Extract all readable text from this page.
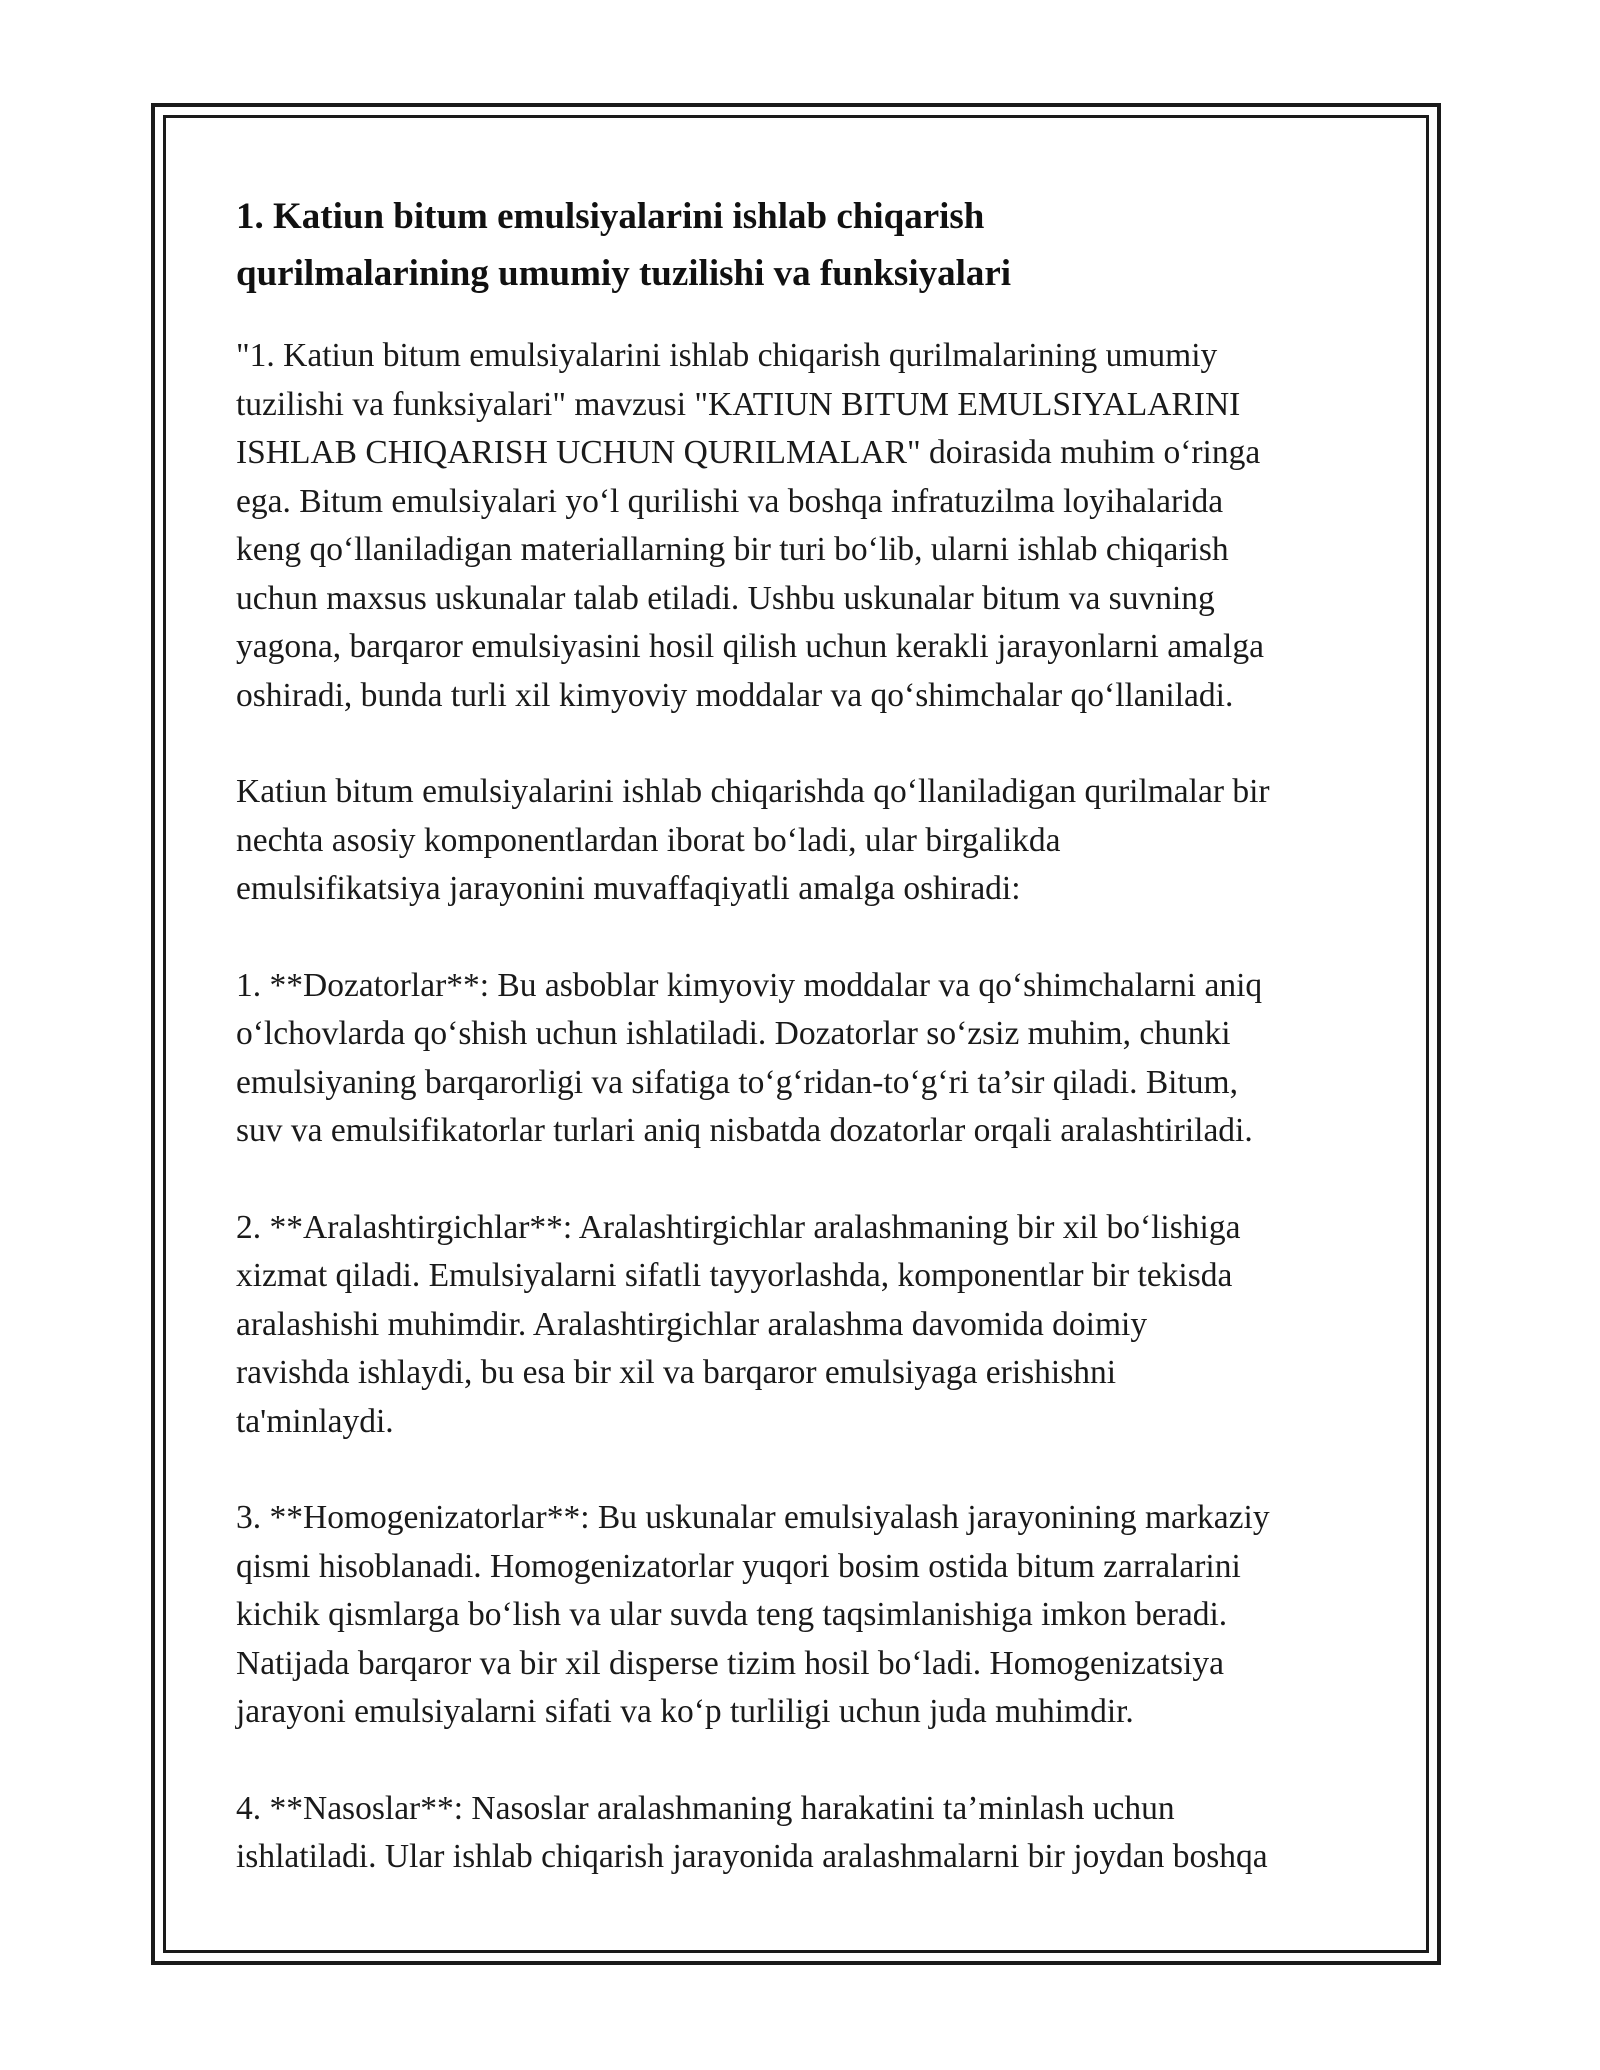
1. Katiun bitum emulsiyalarini ishlab chiqarish
qurilmalarining umumiy tuzilishi va funksiyalari

"1. Katiun bitum emulsiyalarini ishlab chiqarish qurilmalarining umumiy
tuzilishi va funksiyalari" mavzusi "KATIUN BITUM EMULSIYALARINI
ISHLAB CHIQARISH UCHUN QURILMALAR" doirasida muhim o‘ringa
ega. Bitum emulsiyalari yo‘l qurilishi va boshqa infratuzilma loyihalarida
keng qo‘llaniladigan materiallarning bir turi bo‘lib, ularni ishlab chiqarish
uchun maxsus uskunalar talab etiladi. Ushbu uskunalar bitum va suvning
yagona, barqaror emulsiyasini hosil qilish uchun kerakli jarayonlarni amalga
oshiradi, bunda turli xil kimyoviy moddalar va qo‘shimchalar qo‘llaniladi.

Katiun bitum emulsiyalarini ishlab chiqarishda qo‘llaniladigan qurilmalar bir
nechta asosiy komponentlardan iborat bo‘ladi, ular birgalikda
emulsifikatsiya jarayonini muvaffaqiyatli amalga oshiradi:

1. **Dozatorlar**: Bu asboblar kimyoviy moddalar va qo‘shimchalarni aniq
o‘lchovlarda qo‘shish uchun ishlatiladi. Dozatorlar so‘zsiz muhim, chunki
emulsiyaning barqarorligi va sifatiga to‘g‘ridan-to‘g‘ri ta’sir qiladi. Bitum,
suv va emulsifikatorlar turlari aniq nisbatda dozatorlar orqali aralashtiriladi.

2. **Aralashtirgichlar**: Aralashtirgichlar aralashmaning bir xil bo‘lishiga
xizmat qiladi. Emulsiyalarni sifatli tayyorlashda, komponentlar bir tekisda
aralashishi muhimdir. Aralashtirgichlar aralashma davomida doimiy
ravishda ishlaydi, bu esa bir xil va barqaror emulsiyaga erishishni
ta'minlaydi.

3. **Homogenizatorlar**: Bu uskunalar emulsiyalash jarayonining markaziy
qismi hisoblanadi. Homogenizatorlar yuqori bosim ostida bitum zarralarini
kichik qismlarga bo‘lish va ular suvda teng taqsimlanishiga imkon beradi.
Natijada barqaror va bir xil disperse tizim hosil bo‘ladi. Homogenizatsiya
jarayoni emulsiyalarni sifati va ko‘p turliligi uchun juda muhimdir.

4. **Nasoslar**: Nasoslar aralashmaning harakatini ta’minlash uchun
ishlatiladi. Ular ishlab chiqarish jarayonida aralashmalarni bir joydan boshqa
